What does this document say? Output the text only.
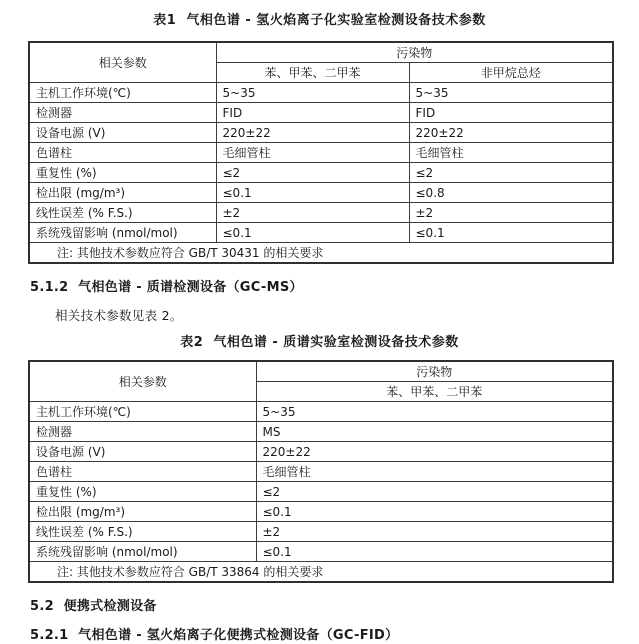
表1  气相色谱 - 氢火焰离子化实验室检测设备技术参数
相关参数	污染物	
	苯、甲苯、二甲苯	非甲烷总烃
主机工作环境(℃)	5~35	5~35
检测器	FID	FID
设备电源 (V)	220±22	220±22
色谱柱	毛细管柱	毛细管柱
重复性 (%)	≤2	≤2
检出限 (mg/m³)	≤0.1	≤0.8
线性误差 (% F.S.)	±2	±2
系统残留影响 (nmol/mol)	≤0.1	≤0.1
注: 其他技术参数应符合 GB/T 30431 的相关要求		
5.1.2  气相色谱 - 质谱检测设备（GC-MS）
相关技术参数见表 2。
表2  气相色谱 - 质谱实验室检测设备技术参数
相关参数	污染物
	苯、甲苯、二甲苯
主机工作环境(℃)	5~35
检测器	MS
设备电源 (V)	220±22
色谱柱	毛细管柱
重复性 (%)	≤2
检出限 (mg/m³)	≤0.1
线性误差 (% F.S.)	±2
系统残留影响 (nmol/mol)	≤0.1
注: 其他技术参数应符合 GB/T 33864 的相关要求	
5.2  便携式检测设备
5.2.1  气相色谱 - 氢火焰离子化便携式检测设备（GC-FID）
